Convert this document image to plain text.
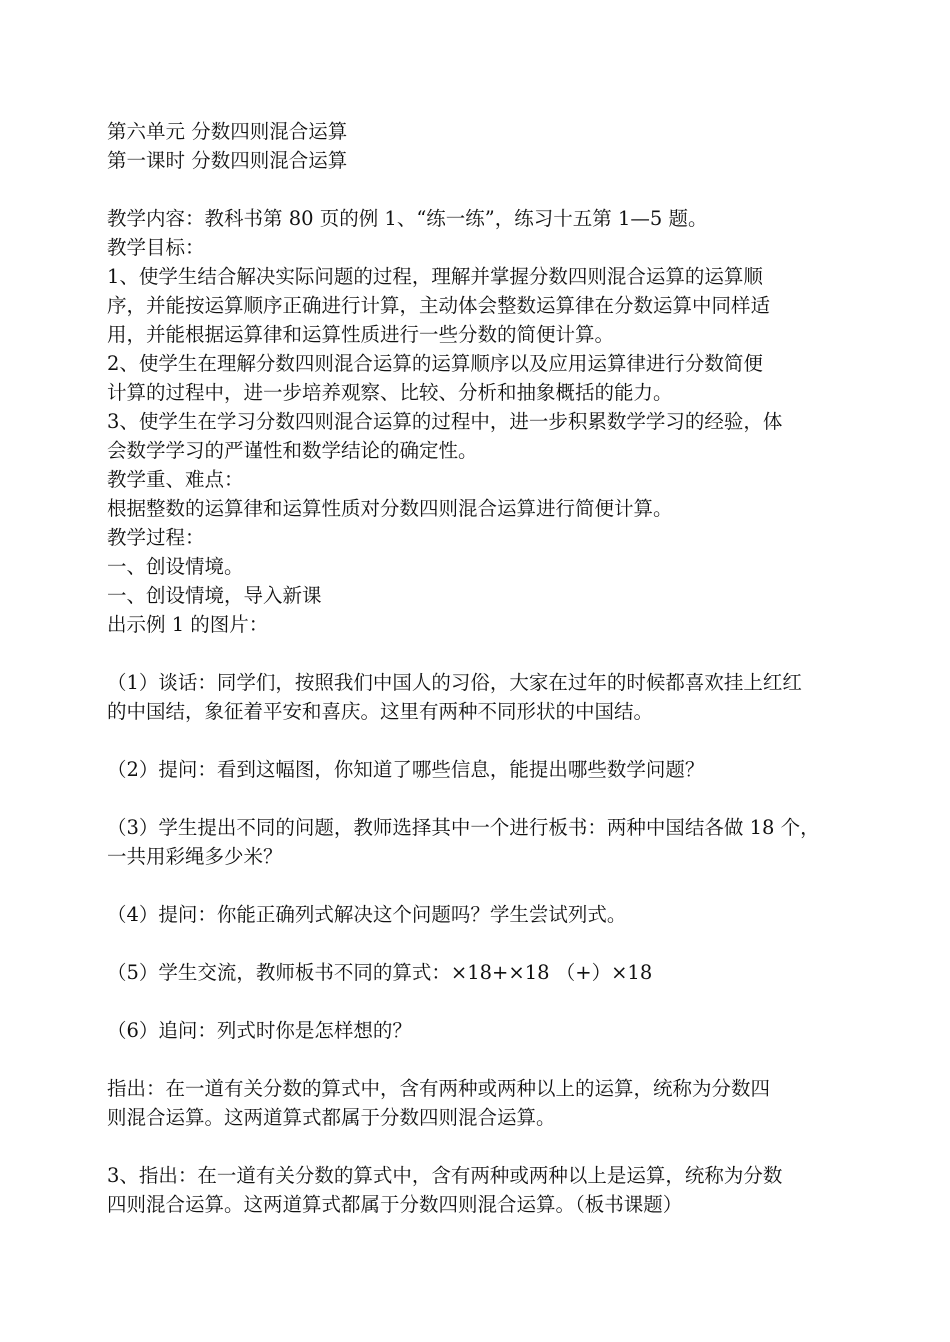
第六单元 分数四则混合运算
第一课时 分数四则混合运算
教学内容：教科书第 80 页的例 1、“练一练”，练习十五第 1—5 题。
教学目标：
1、使学生结合解决实际问题的过程，理解并掌握分数四则混合运算的运算顺
序，并能按运算顺序正确进行计算，主动体会整数运算律在分数运算中同样适
用，并能根据运算律和运算性质进行一些分数的简便计算。
2、使学生在理解分数四则混合运算的运算顺序以及应用运算律进行分数简便
计算的过程中，进一步培养观察、比较、分析和抽象概括的能力。
3、使学生在学习分数四则混合运算的过程中，进一步积累数学学习的经验，体
会数学学习的严谨性和数学结论的确定性。
教学重、难点：
根据整数的运算律和运算性质对分数四则混合运算进行简便计算。
教学过程：
一、创设情境。
一、创设情境，导入新课
出示例 1 的图片：
（1）谈话：同学们，按照我们中国人的习俗，大家在过年的时候都喜欢挂上红红
的中国结，象征着平安和喜庆。这里有两种不同形状的中国结。
（2）提问：看到这幅图，你知道了哪些信息，能提出哪些数学问题？
（3）学生提出不同的问题，教师选择其中一个进行板书：两种中国结各做 18 个，
一共用彩绳多少米？
（4）提问：你能正确列式解决这个问题吗？学生尝试列式。
（5）学生交流，教师板书不同的算式：×18+×18 （+）×18
（6）追问：列式时你是怎样想的？
指出：在一道有关分数的算式中，含有两种或两种以上的运算，统称为分数四
则混合运算。这两道算式都属于分数四则混合运算。
3、指出：在一道有关分数的算式中，含有两种或两种以上是运算，统称为分数
四则混合运算。这两道算式都属于分数四则混合运算。（板书课题）
